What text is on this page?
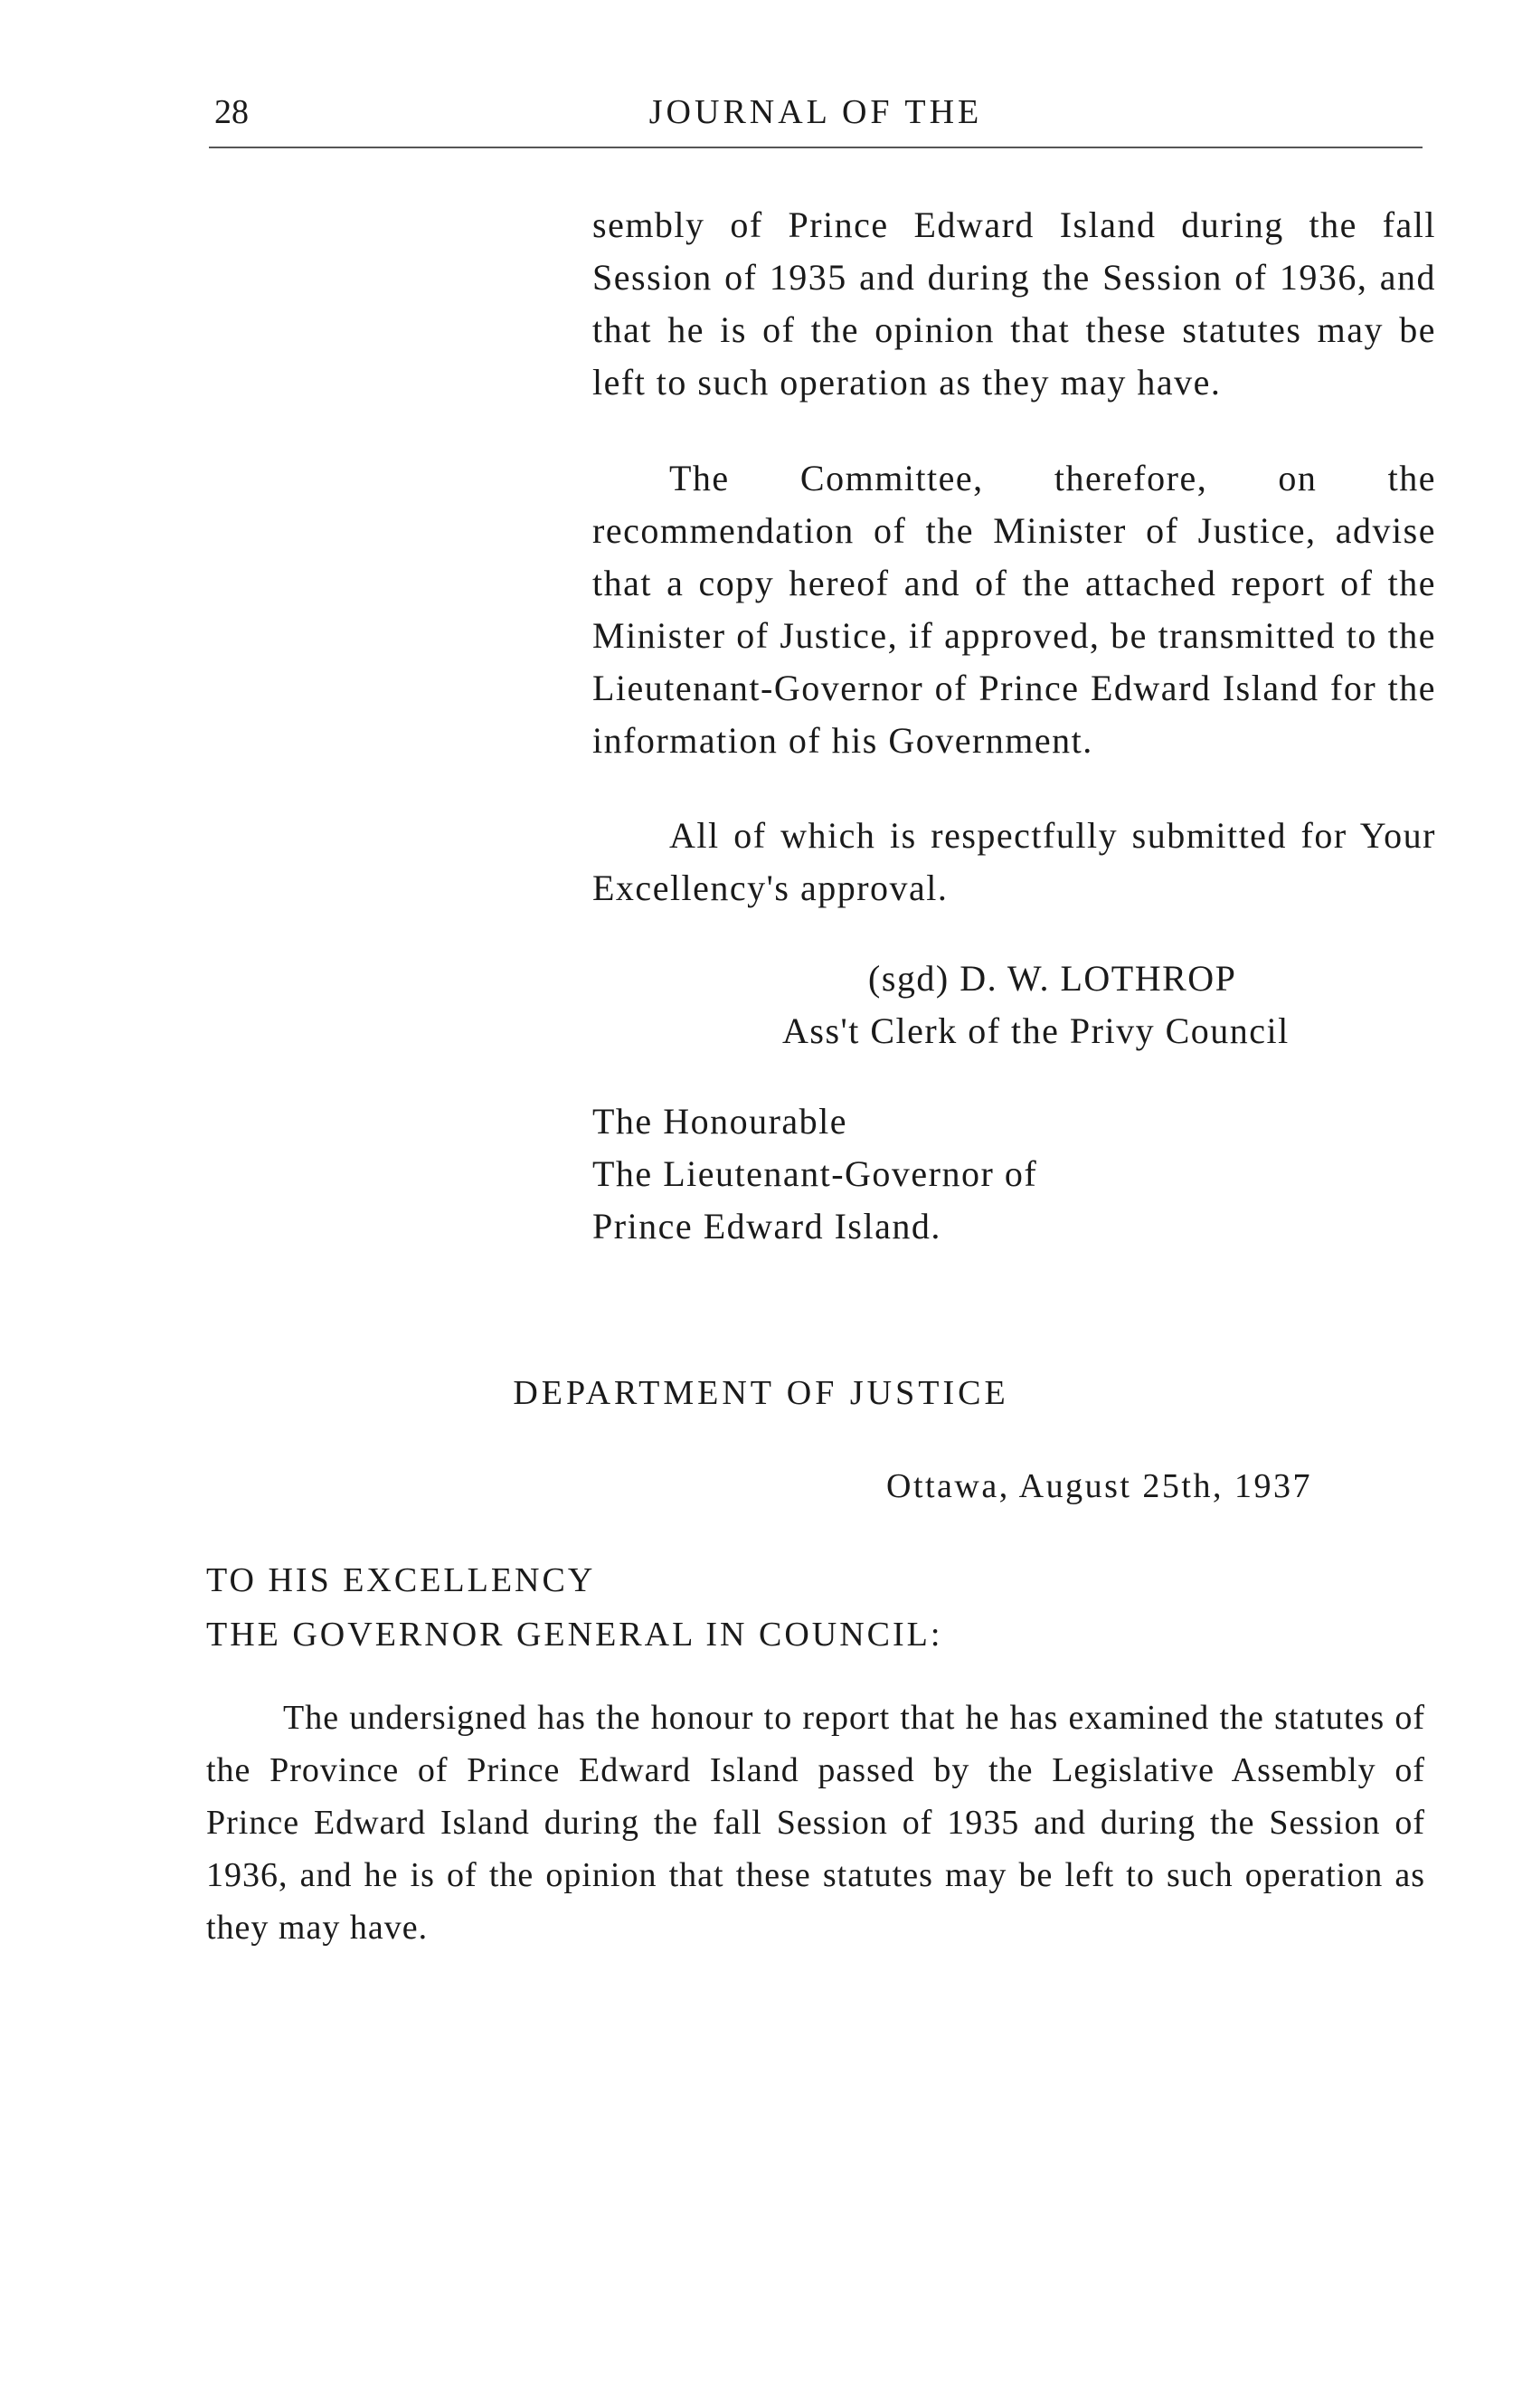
28	JOURNAL OF THE

sembly of Prince Edward Island during the fall Session of 1935 and during the Session of 1936, and that he is of the opinion that these statutes may be left to such operation as they may have.

The Committee, therefore, on the recommendation of the Minister of Justice, advise that a copy hereof and of the attached report of the Minister of Justice, if approved, be transmitted to the Lieutenant-Governor of Prince Edward Island for the information of his Government.

All of which is respectfully submitted for Your Excellency's approval.

(sgd) D. W. LOTHROP
Ass't Clerk of the Privy Council
The Honourable
The Lieutenant-Governor of
Prince Edward Island.
DEPARTMENT OF JUSTICE
Ottawa, August 25th, 1937
TO HIS EXCELLENCY
THE GOVERNOR GENERAL IN COUNCIL:

The undersigned has the honour to report that he has examined the statutes of the Province of Prince Edward Island passed by the Legislative Assembly of Prince Edward Island during the fall Session of 1935 and during the Session of 1936, and he is of the opinion that these statutes may be left to such operation as they may have.
